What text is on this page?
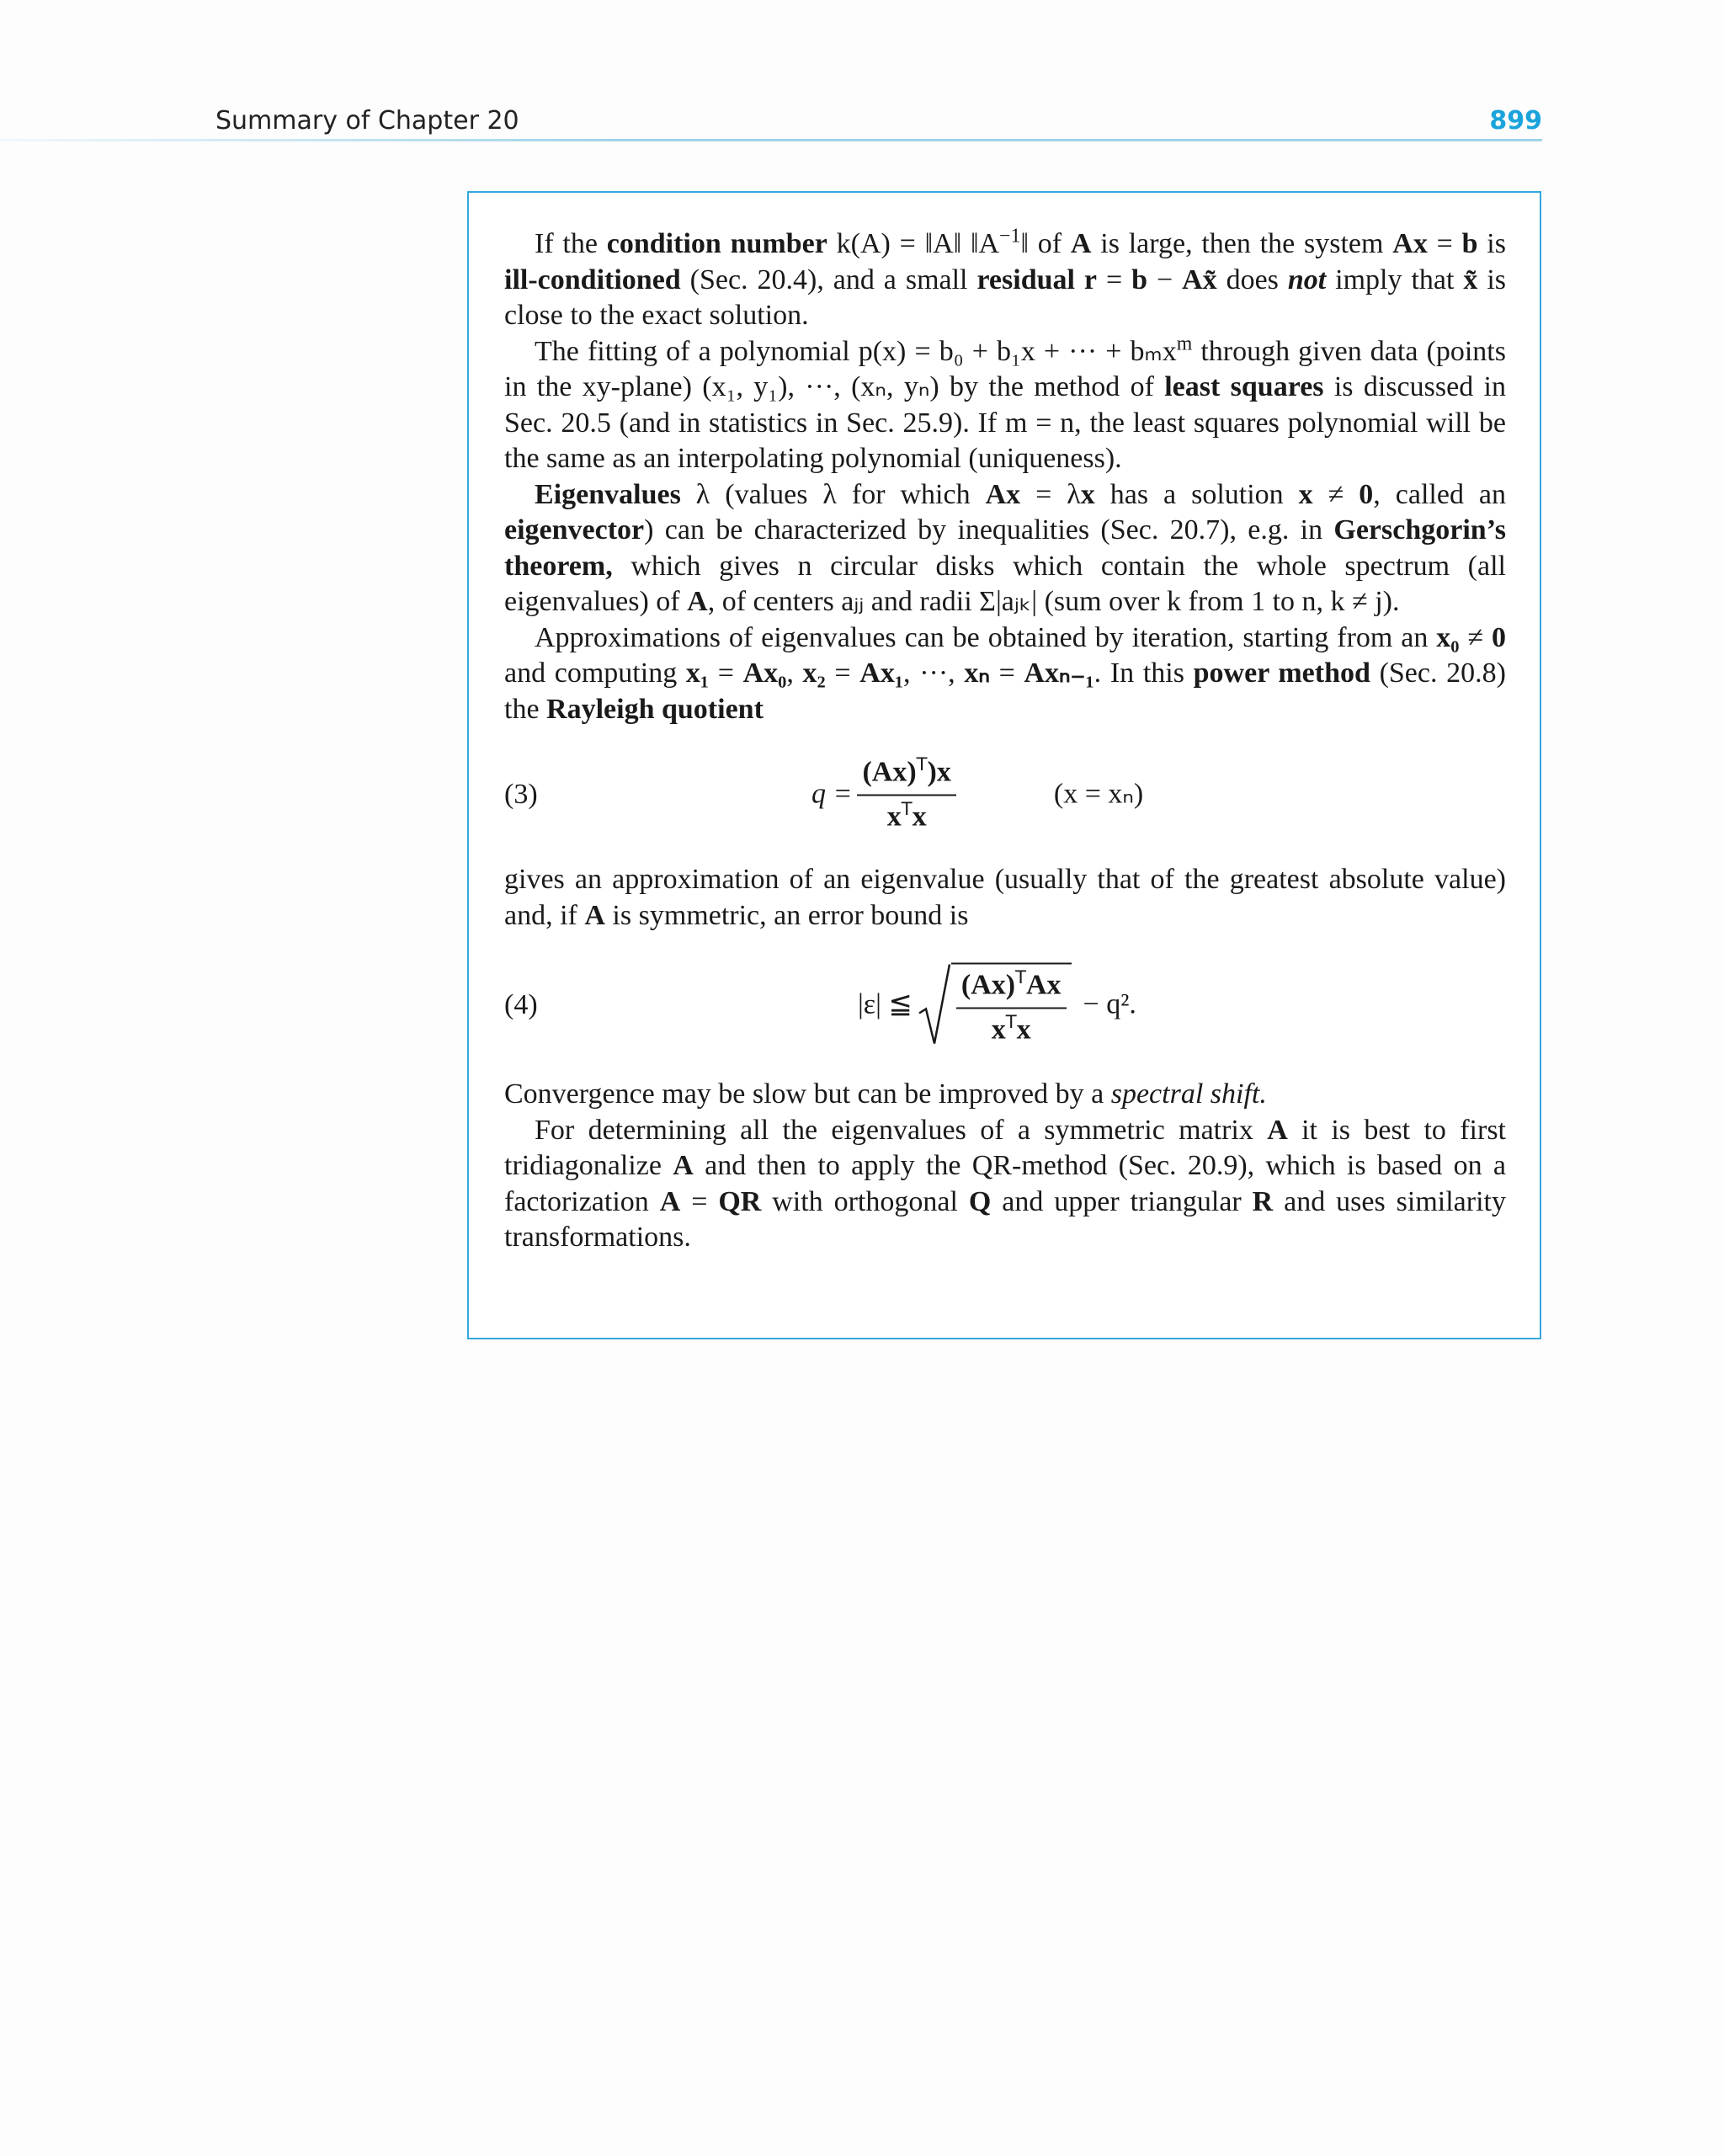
Summary of Chapter 20	899

If the condition number k(A) = ‖A‖ $‖A^{-1}‖$ of A is large, then the system Ax = b is ill-conditioned (Sec. 20.4), and a small residual r = b − Ax̃ does not imply that x̃ is close to the exact solution.

The fitting of a polynomial p(x) = b₀ + b₁x + ··· + bₘx$^m$ through given data (points in the xy-plane) (x₁, y₁), ···, (xₙ, yₙ) by the method of least squares is discussed in Sec. 20.5 (and in statistics in Sec. 25.9). If m = n, the least squares polynomial will be the same as an interpolating polynomial (uniqueness).

Eigenvalues λ (values λ for which Ax = λx has a solution x ≠ 0, called an eigenvector) can be characterized by inequalities (Sec. 20.7), e.g. in Gerschgorin’s theorem, which gives n circular disks which contain the whole spectrum (all eigenvalues) of A, of centers aⱼⱼ and radii Σ|aⱼₖ| (sum over k from 1 to n, k ≠ j).

Approximations of eigenvalues can be obtained by iteration, starting from an x₀ ≠ 0 and computing x₁ = Ax₀, x₂ = Ax₁, ···, xₙ = Axₙ₋₁. In this power method (Sec. 20.8) the Rayleigh quotient

(3)	$q = \frac{(Ax)^T)x}{x^Tx}$	(x = xₙ)

gives an approximation of an eigenvalue (usually that of the greatest absolute value) and, if A is symmetric, an error bound is

(4)	|ε| ≦ $\frac{(Ax)^TAx}{x^Tx} - q^2$.

Convergence may be slow but can be improved by a spectral shift.

For determining all the eigenvalues of a symmetric matrix A it is best to first tridiagonalize A and then to apply the QR-method (Sec. 20.9), which is based on a factorization A = QR with orthogonal Q and upper triangular R and uses similarity transformations.
